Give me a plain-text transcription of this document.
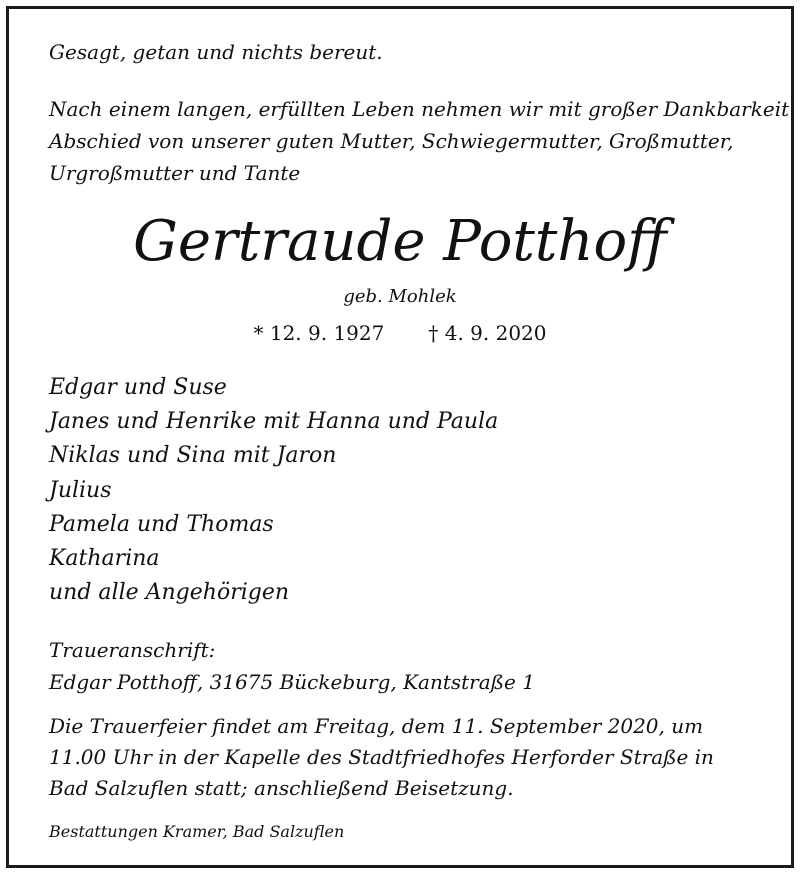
Gesagt, getan und nichts bereut.

Nach einem langen, erfüllten Leben nehmen wir mit großer Dankbarkeit
Abschied von unserer guten Mutter, Schwiegermutter, Großmutter,
Urgroßmutter und Tante
Gertraude Potthoff

geb. Mohlek

* 12. 9. 1927 † 4. 9. 2020

Edgar und Suse
Janes und Henrike mit Hanna und Paula
Niklas und Sina mit Jaron
Julius
Pamela und Thomas
Katharina
und alle Angehörigen

Traueranschrift:

Edgar Potthoff, 31675 Bückeburg, Kantstraße 1

Die Trauerfeier findet am Freitag, dem 11. September 2020, um
11.00 Uhr in der Kapelle des Stadtfriedhofes Herforder Straße in
Bad Salzuflen statt; anschließend Beisetzung.

Bestattungen Kramer, Bad Salzuflen
